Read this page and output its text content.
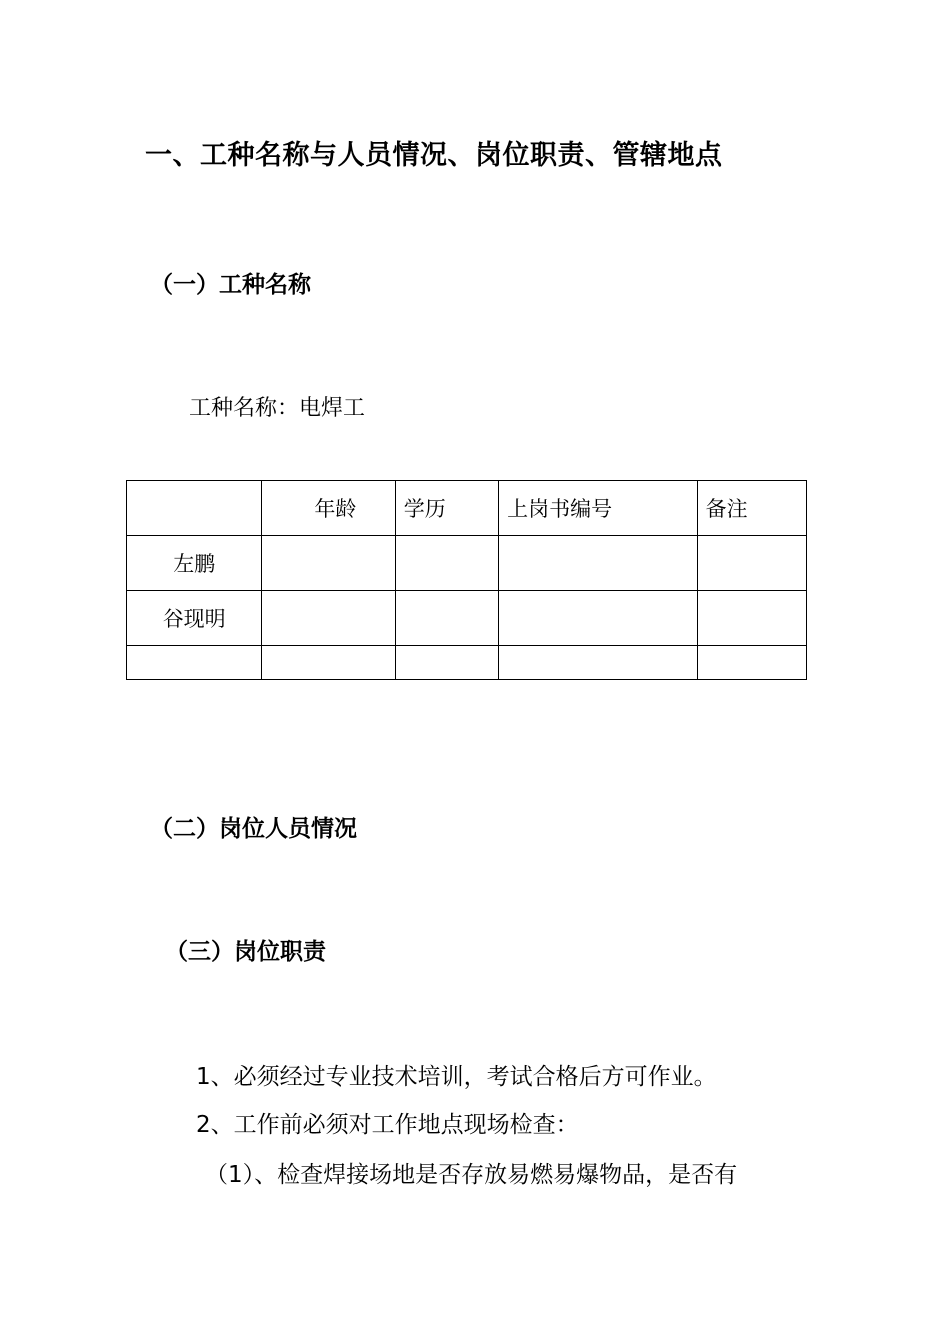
一、工种名称与人员情况、岗位职责、管辖地点
（一）工种名称
工种名称：电焊工
	年龄	学历	上岗书编号	备注
左鹏				
谷现明				

（二）岗位人员情况
（三）岗位职责
1、必须经过专业技术培训，考试合格后方可作业。
2、工作前必须对工作地点现场检查：
（1）、检查焊接场地是否存放易燃易爆物品，是否有
